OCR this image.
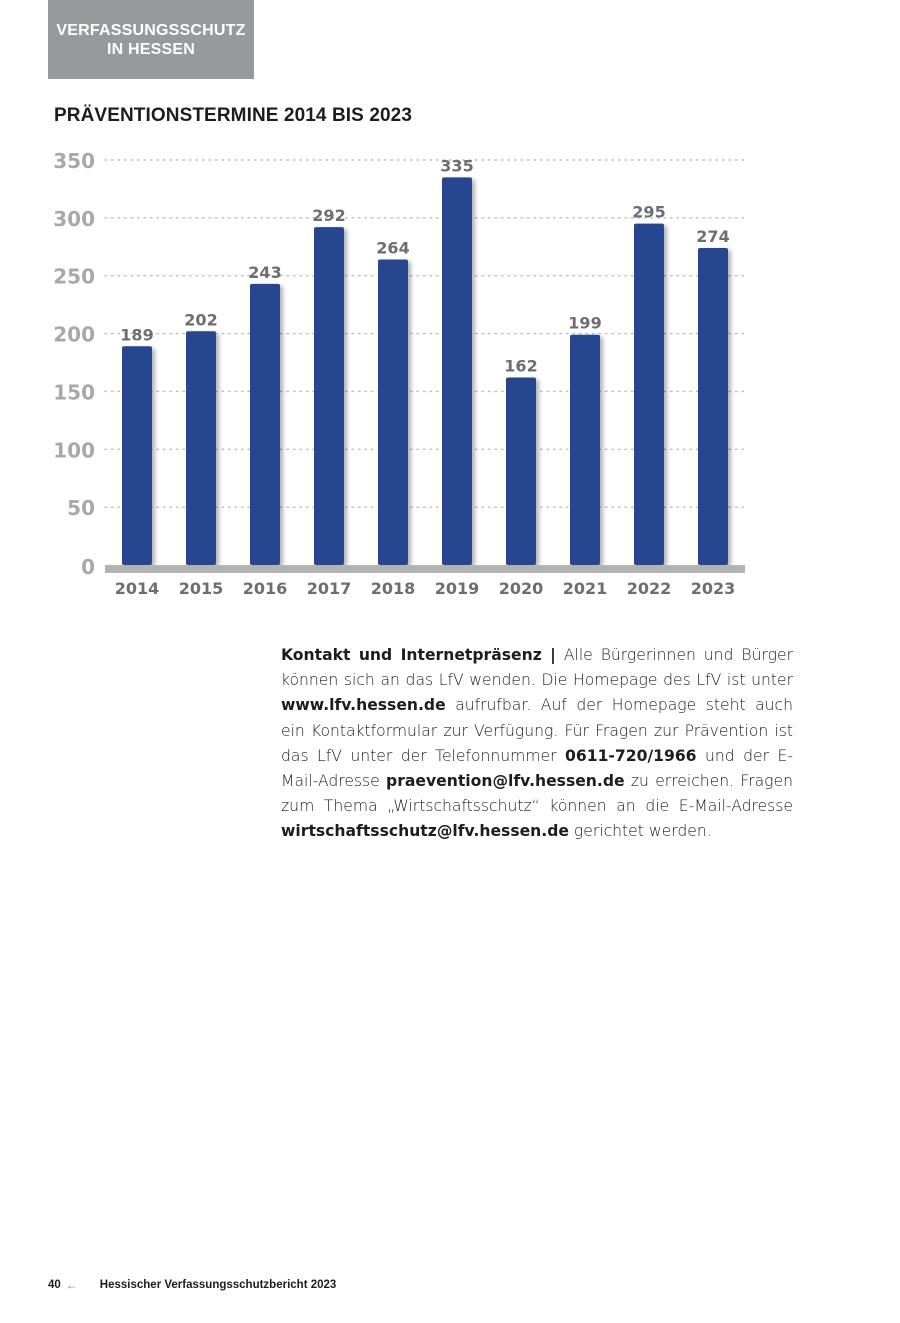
VERFASSUNGSSCHUTZ
IN HESSEN
PRÄVENTIONSTERMINE 2014 BIS 2023
0
50
100
150
200
250
300
350
189
202
243
292
264
335
162
199
295
274
2014 2015 2016 2017 2018 2019 2020 2021 2022 2023

Kontakt und Internetpräsenz | Alle Bürgerinnen und Bürger können sich an das LfV wenden. Die Homepage des LfV ist unter www.lfv.hessen.de aufrufbar. Auf der Homepage steht auch ein Kontaktformular zur Verfügung. Für Fragen zur Prävention ist das LfV unter der Telefonnummer 0611-720/1966 und der E-Mail-Adresse praevention@lfv.hessen.de zu erreichen. Fragen zum Thema „Wirtschaftsschutz“ können an die E-Mail-Adresse wirtschaftsschutz@lfv.hessen.de gerichtet werden.

40 ← Hessischer Verfassungsschutzbericht 2023
